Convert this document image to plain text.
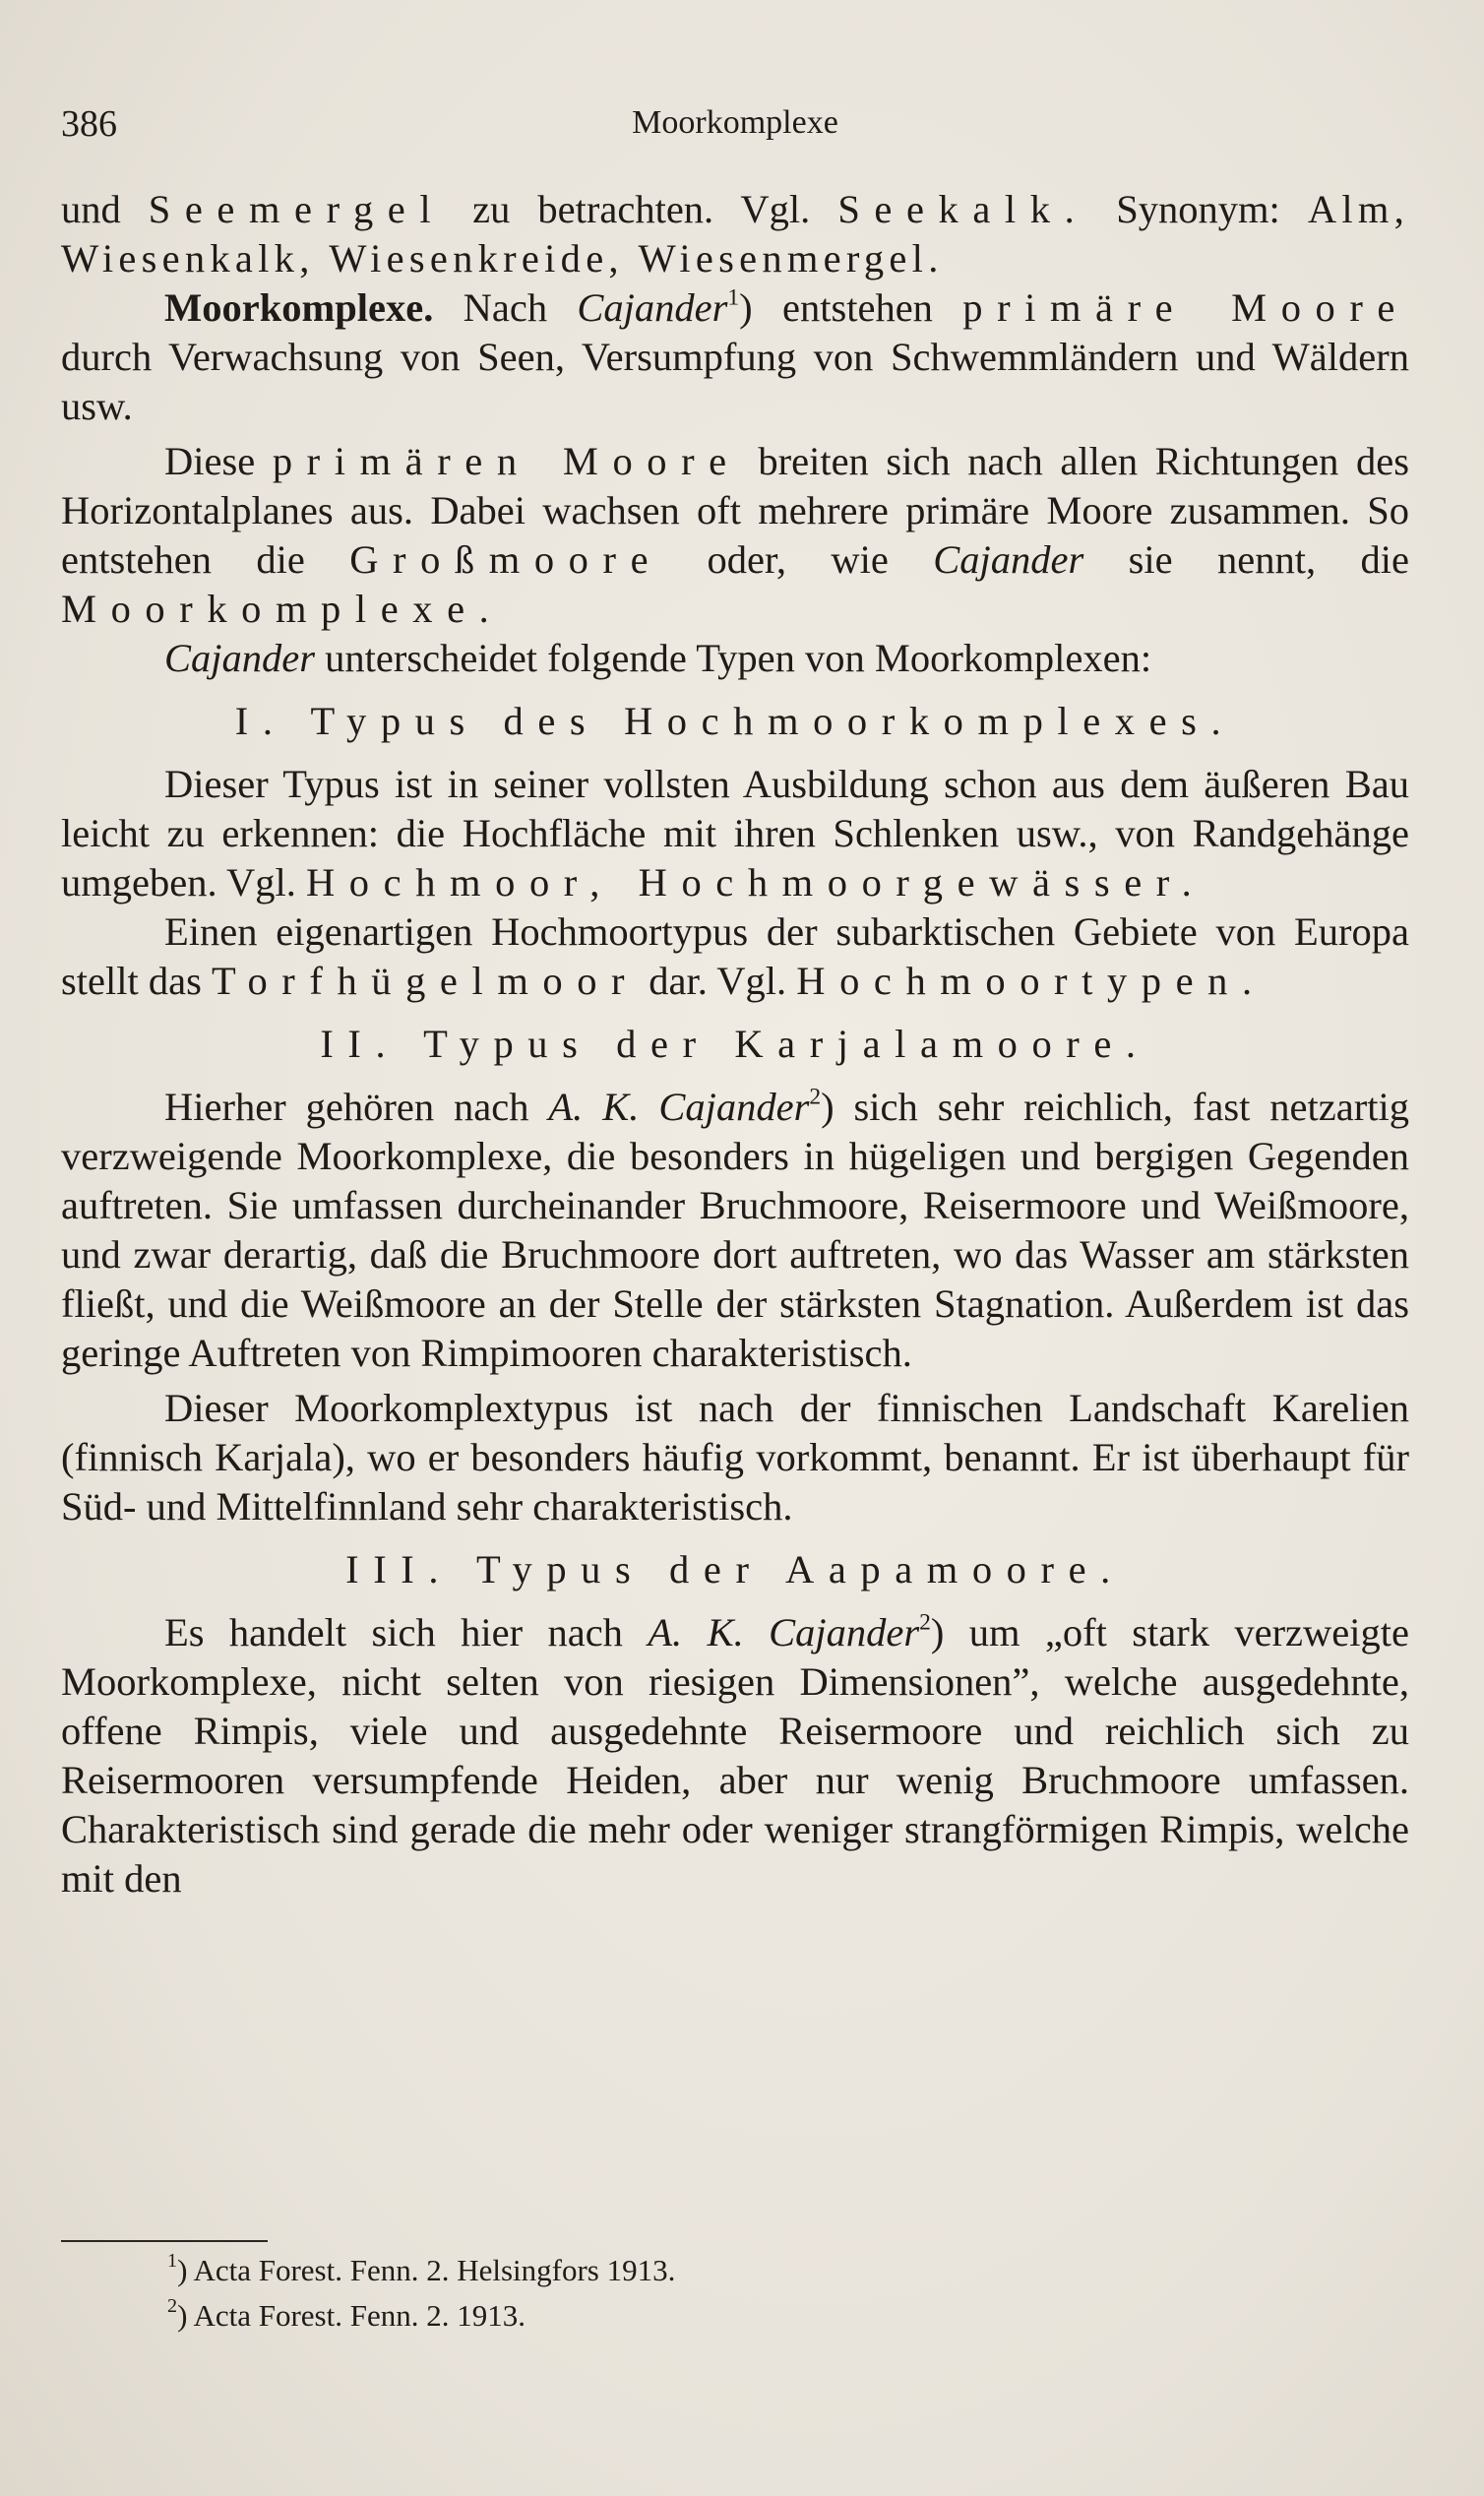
386	Moorkomplexe

und Seemergel zu betrachten. Vgl. Seekalk. Synonym: Alm, Wiesenkalk, Wiesenkreide, Wiesenmergel.

Moorkomplexe. Nach Cajander$^1$) entstehen primäre Moore durch Verwachsung von Seen, Versumpfung von Schwemmländern und Wäldern usw.

Diese primären Moore breiten sich nach allen Richtungen des Horizontalplanes aus. Dabei wachsen oft mehrere primäre Moore zusammen. So entstehen die Großmoore oder, wie Cajander sie nennt, die Moorkomplexe.

Cajander unterscheidet folgende Typen von Moorkomplexen:

I. Typus des Hochmoorkomplexes.

Dieser Typus ist in seiner vollsten Ausbildung schon aus dem äußeren Bau leicht zu erkennen: die Hochfläche mit ihren Schlenken usw., von Randgehänge umgeben. Vgl. Hochmoor, Hochmoorgewässer.

Einen eigenartigen Hochmoortypus der subarktischen Gebiete von Europa stellt das Torfhügelmoor dar. Vgl. Hochmoortypen.

II. Typus der Karjalamoore.

Hierher gehören nach A. K. Cajander$^2$) sich sehr reichlich, fast netzartig verzweigende Moorkomplexe, die besonders in hügeligen und bergigen Gegenden auftreten. Sie umfassen durcheinander Bruchmoore, Reisermoore und Weißmoore, und zwar derartig, daß die Bruchmoore dort auftreten, wo das Wasser am stärksten fließt, und die Weißmoore an der Stelle der stärksten Stagnation. Außerdem ist das geringe Auftreten von Rimpimooren charakteristisch.

Dieser Moorkomplextypus ist nach der finnischen Landschaft Karelien (finnisch Karjala), wo er besonders häufig vorkommt, benannt. Er ist überhaupt für Süd- und Mittelfinnland sehr charakteristisch.

III. Typus der Aapamoore.

Es handelt sich hier nach A. K. Cajander$^2$) um „oft stark verzweigte Moorkomplexe, nicht selten von riesigen Dimensionen”, welche ausgedehnte, offene Rimpis, viele und ausgedehnte Reisermoore und reichlich sich zu Reisermooren versumpfende Heiden, aber nur wenig Bruchmoore umfassen. Charakteristisch sind gerade die mehr oder weniger strangförmigen Rimpis, welche mit den

$^1$) Acta Forest. Fenn. 2. Helsingfors 1913.
$^2$) Acta Forest. Fenn. 2. 1913.
